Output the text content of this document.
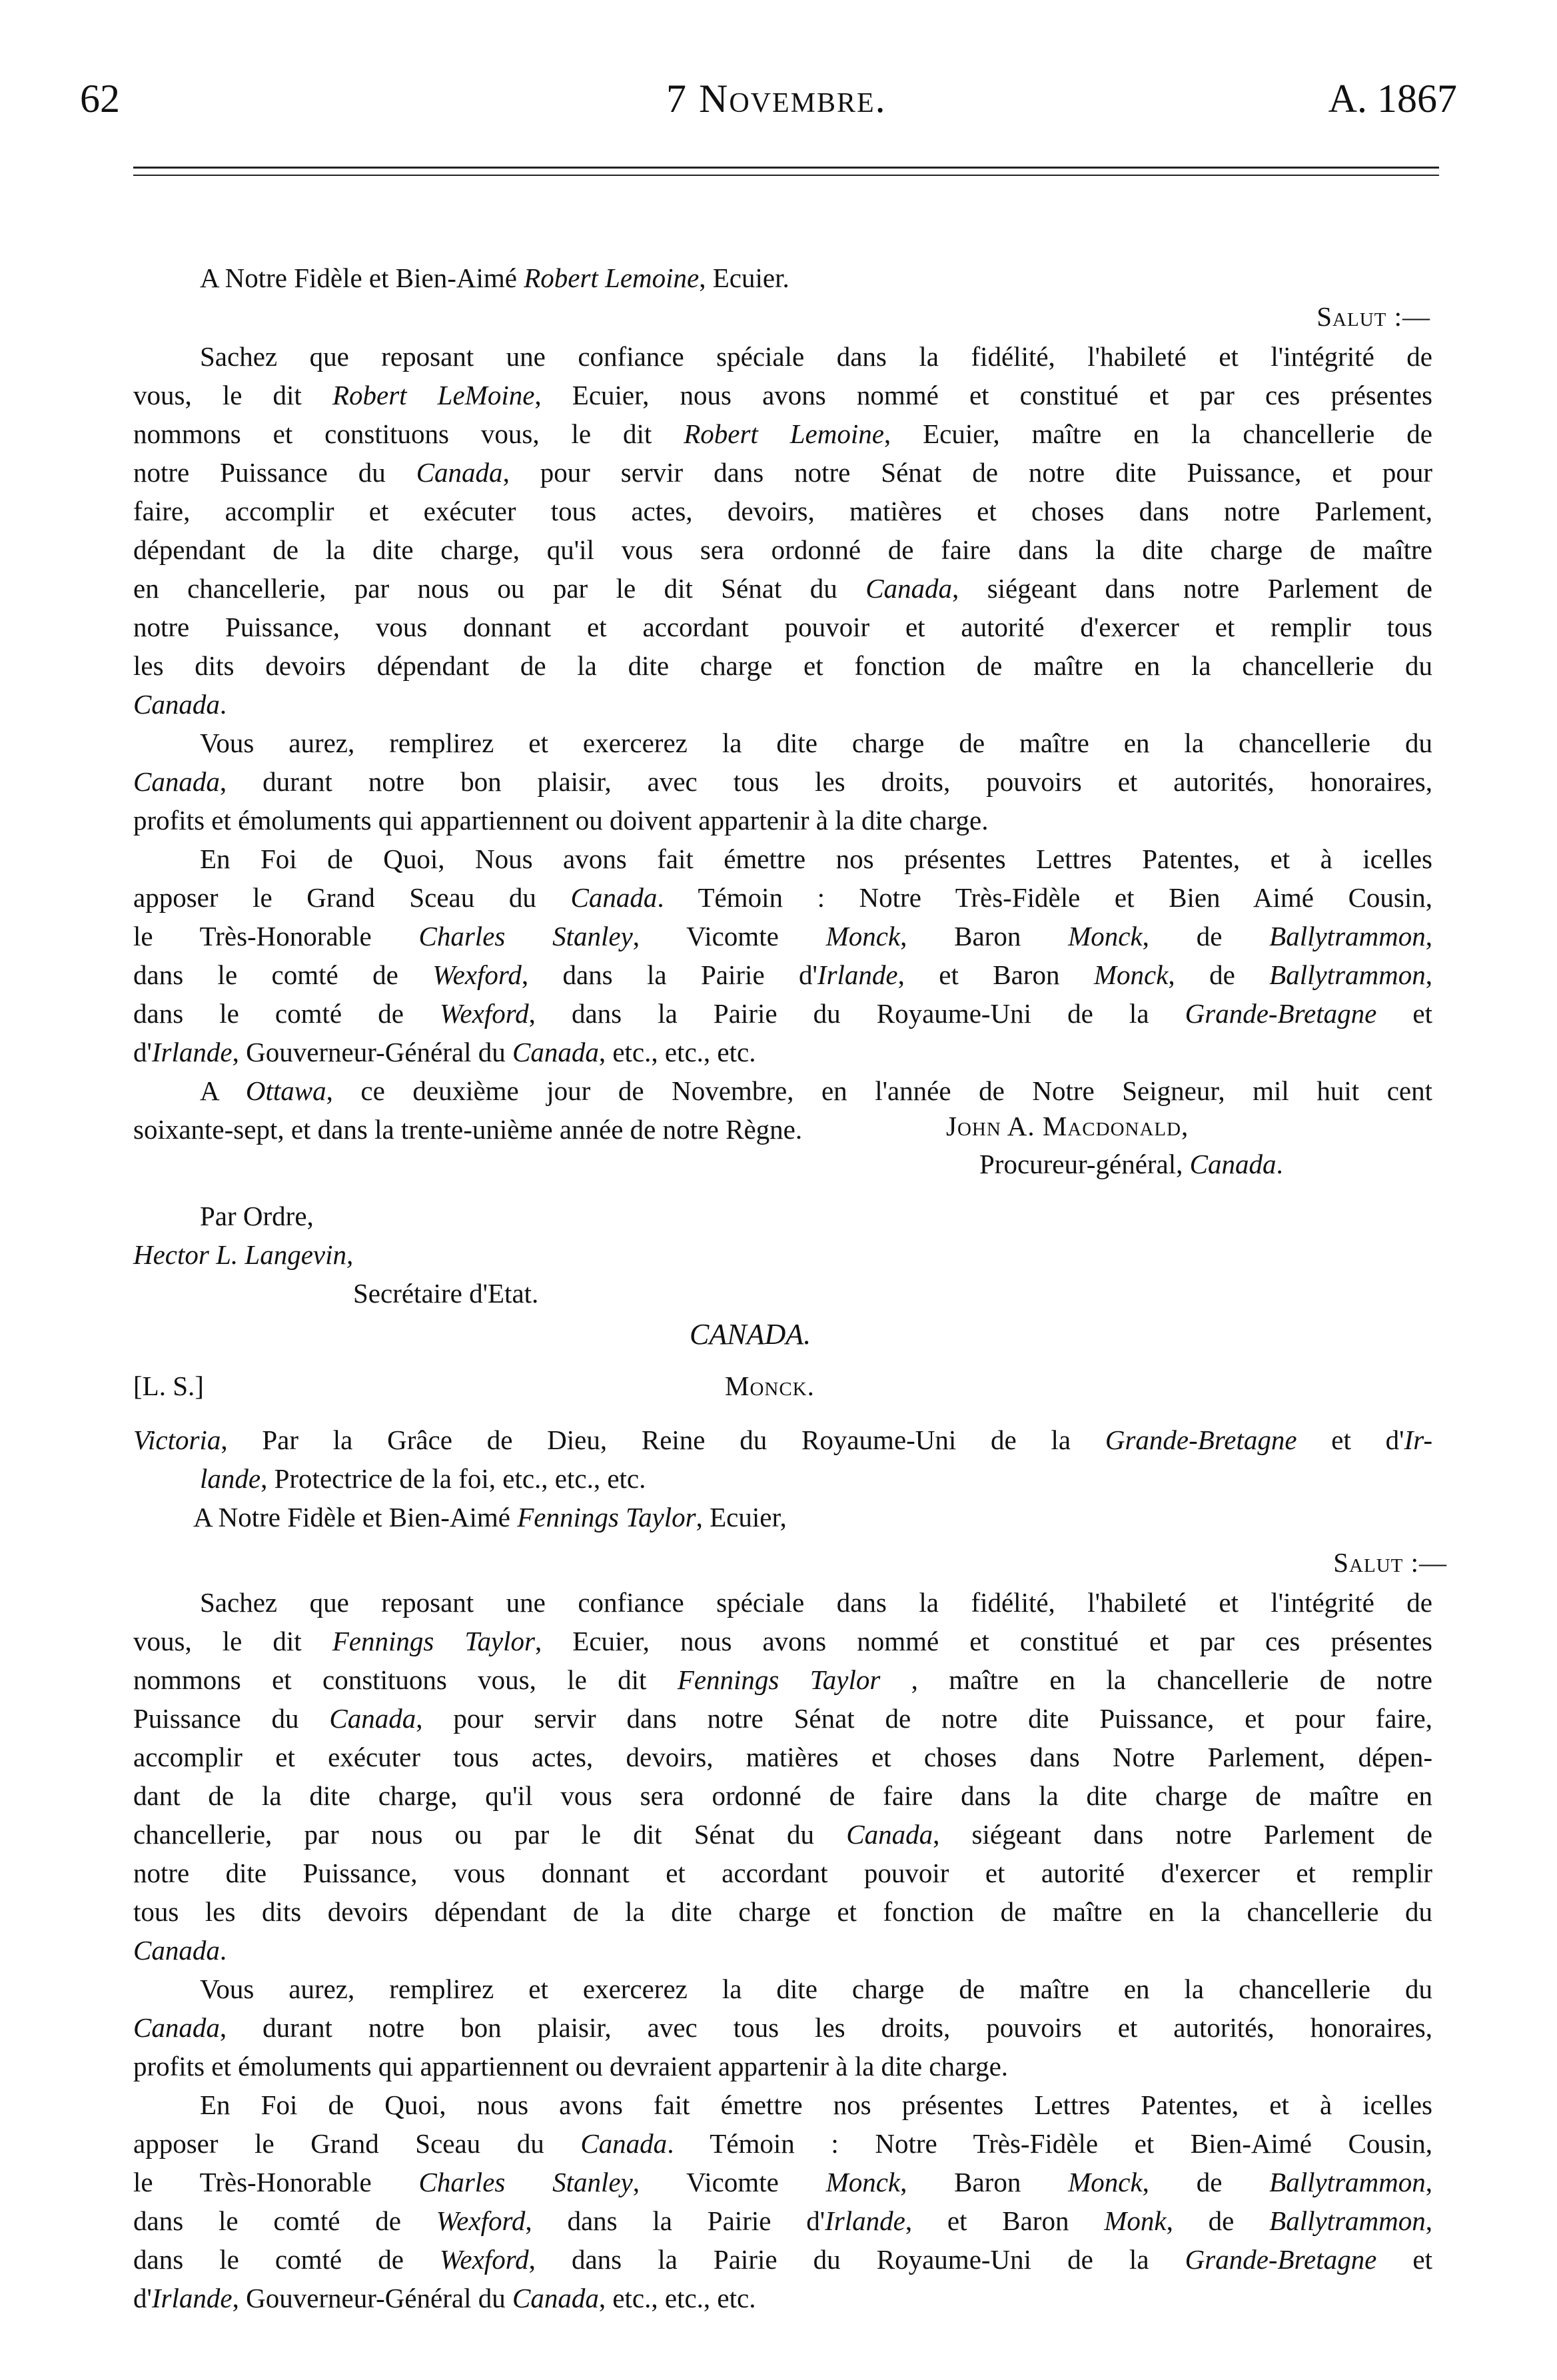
62	7 Novembre.	A. 1867
A Notre Fidèle et Bien-Aimé Robert Lemoine, Ecuier.
Salut :—
Sachez que reposant une confiance spéciale dans la fidélité, l'habileté et l'intégrité de
vous, le dit Robert LeMoine, Ecuier, nous avons nommé et constitué et par ces présentes
nommons et constituons vous, le dit Robert Lemoine, Ecuier, maître en la chancellerie de
notre Puissance du Canada, pour servir dans notre Sénat de notre dite Puissance, et pour
faire, accomplir et exécuter tous actes, devoirs, matières et choses dans notre Parlement,
dépendant de la dite charge, qu'il vous sera ordonné de faire dans la dite charge de maître
en chancellerie, par nous ou par le dit Sénat du Canada, siégeant dans notre Parlement de
notre Puissance, vous donnant et accordant pouvoir et autorité d'exercer et remplir tous
les dits devoirs dépendant de la dite charge et fonction de maître en la chancellerie du
Canada.
Vous aurez, remplirez et exercerez la dite charge de maître en la chancellerie du
Canada, durant notre bon plaisir, avec tous les droits, pouvoirs et autorités, honoraires,
profits et émoluments qui appartiennent ou doivent appartenir à la dite charge.
En Foi de Quoi, Nous avons fait émettre nos présentes Lettres Patentes, et à icelles
apposer le Grand Sceau du Canada. Témoin : Notre Très-Fidèle et Bien Aimé Cousin,
le Très-Honorable Charles Stanley, Vicomte Monck, Baron Monck, de Ballytrammon,
dans le comté de Wexford, dans la Pairie d'Irlande, et Baron Monck, de Ballytrammon,
dans le comté de Wexford, dans la Pairie du Royaume-Uni de la Grande-Bretagne et
d'Irlande, Gouverneur-Général du Canada, etc., etc., etc.
A Ottawa, ce deuxième jour de Novembre, en l'année de Notre Seigneur, mil huit cent
soixante-sept, et dans la trente-unième année de notre Règne.	John A. Macdonald,
Procureur-général, Canada.
Par Ordre,
Hector L. Langevin,
Secrétaire d'Etat.
CANADA.
[L. S.]	Monck.
Victoria, Par la Grâce de Dieu, Reine du Royaume-Uni de la Grande-Bretagne et d'Ir-
lande, Protectrice de la foi, etc., etc., etc.
A Notre Fidèle et Bien-Aimé Fennings Taylor, Ecuier,
Salut :—
Sachez que reposant une confiance spéciale dans la fidélité, l'habileté et l'intégrité de
vous, le dit Fennings Taylor, Ecuier, nous avons nommé et constitué et par ces présentes
nommons et constituons vous, le dit Fennings Taylor , maître en la chancellerie de notre
Puissance du Canada, pour servir dans notre Sénat de notre dite Puissance, et pour faire,
accomplir et exécuter tous actes, devoirs, matières et choses dans Notre Parlement, dépen-
dant de la dite charge, qu'il vous sera ordonné de faire dans la dite charge de maître en
chancellerie, par nous ou par le dit Sénat du Canada, siégeant dans notre Parlement de
notre dite Puissance, vous donnant et accordant pouvoir et autorité d'exercer et remplir
tous les dits devoirs dépendant de la dite charge et fonction de maître en la chancellerie du
Canada.
Vous aurez, remplirez et exercerez la dite charge de maître en la chancellerie du
Canada, durant notre bon plaisir, avec tous les droits, pouvoirs et autorités, honoraires,
profits et émoluments qui appartiennent ou devraient appartenir à la dite charge.
En Foi de Quoi, nous avons fait émettre nos présentes Lettres Patentes, et à icelles
apposer le Grand Sceau du Canada. Témoin : Notre Très-Fidèle et Bien-Aimé Cousin,
le Très-Honorable Charles Stanley, Vicomte Monck, Baron Monck, de Ballytrammon,
dans le comté de Wexford, dans la Pairie d'Irlande, et Baron Monk, de Ballytrammon,
dans le comté de Wexford, dans la Pairie du Royaume-Uni de la Grande-Bretagne et
d'Irlande, Gouverneur-Général du Canada, etc., etc., etc.
